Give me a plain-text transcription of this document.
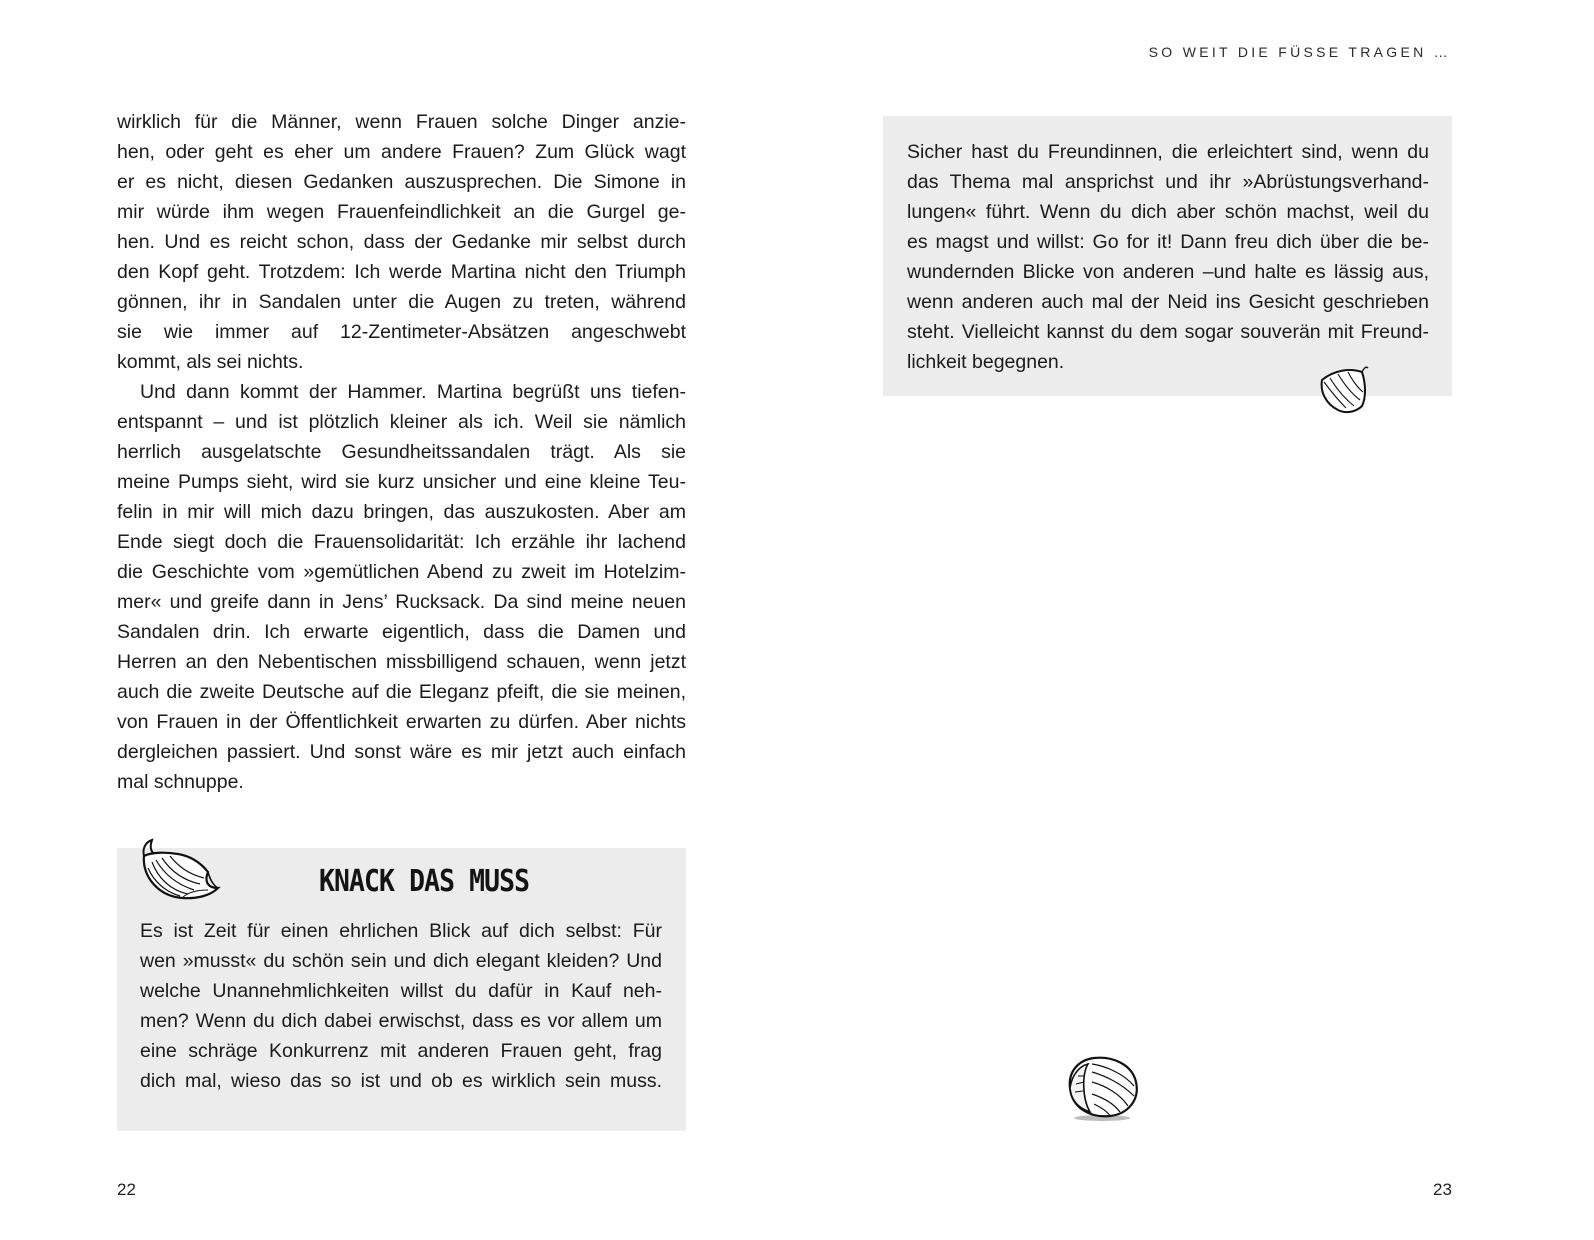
SO WEIT DIE FÜSSE TRAGEN …
wirklich für die Männer, wenn Frauen solche Dinger anzie-
hen, oder geht es eher um andere Frauen? Zum Glück wagt
er es nicht, diesen Gedanken auszusprechen. Die Simone in
mir würde ihm wegen Frauenfeindlichkeit an die Gurgel ge-
hen. Und es reicht schon, dass der Gedanke mir selbst durch
den Kopf geht. Trotzdem: Ich werde Martina nicht den Triumph
gönnen, ihr in Sandalen unter die Augen zu treten, während
sie wie immer auf 12-Zentimeter-Absätzen angeschwebt
kommt, als sei nichts.
Und dann kommt der Hammer. Martina begrüßt uns tiefen-
entspannt – und ist plötzlich kleiner als ich. Weil sie nämlich
herrlich ausgelatschte Gesundheitssandalen trägt. Als sie
meine Pumps sieht, wird sie kurz unsicher und eine kleine Teu-
felin in mir will mich dazu bringen, das auszukosten. Aber am
Ende siegt doch die Frauensolidarität: Ich erzähle ihr lachend
die Geschichte vom »gemütlichen Abend zu zweit im Hotelzim-
mer« und greife dann in Jens’ Rucksack. Da sind meine neuen
Sandalen drin. Ich erwarte eigentlich, dass die Damen und
Herren an den Nebentischen missbilligend schauen, wenn jetzt
auch die zweite Deutsche auf die Eleganz pfeift, die sie meinen,
von Frauen in der Öffentlichkeit erwarten zu dürfen. Aber nichts
dergleichen passiert. Und sonst wäre es mir jetzt auch einfach
mal schnuppe.
KNACK DAS MUSS
Es ist Zeit für einen ehrlichen Blick auf dich selbst: Für
wen »musst« du schön sein und dich elegant kleiden? Und
welche Unannehmlichkeiten willst du dafür in Kauf neh-
men? Wenn du dich dabei erwischst, dass es vor allem um
eine schräge Konkurrenz mit anderen Frauen geht, frag
dich mal, wieso das so ist und ob es wirklich sein muss.
22
Sicher hast du Freundinnen, die erleichtert sind, wenn du
das Thema mal ansprichst und ihr »Abrüstungsverhand-
lungen« führt. Wenn du dich aber schön machst, weil du
es magst und willst: Go for it! Dann freu dich über die be-
wundernden Blicke von anderen –und halte es lässig aus,
wenn anderen auch mal der Neid ins Gesicht geschrieben
steht. Vielleicht kannst du dem sogar souverän mit Freund-
lichkeit begegnen.
23
